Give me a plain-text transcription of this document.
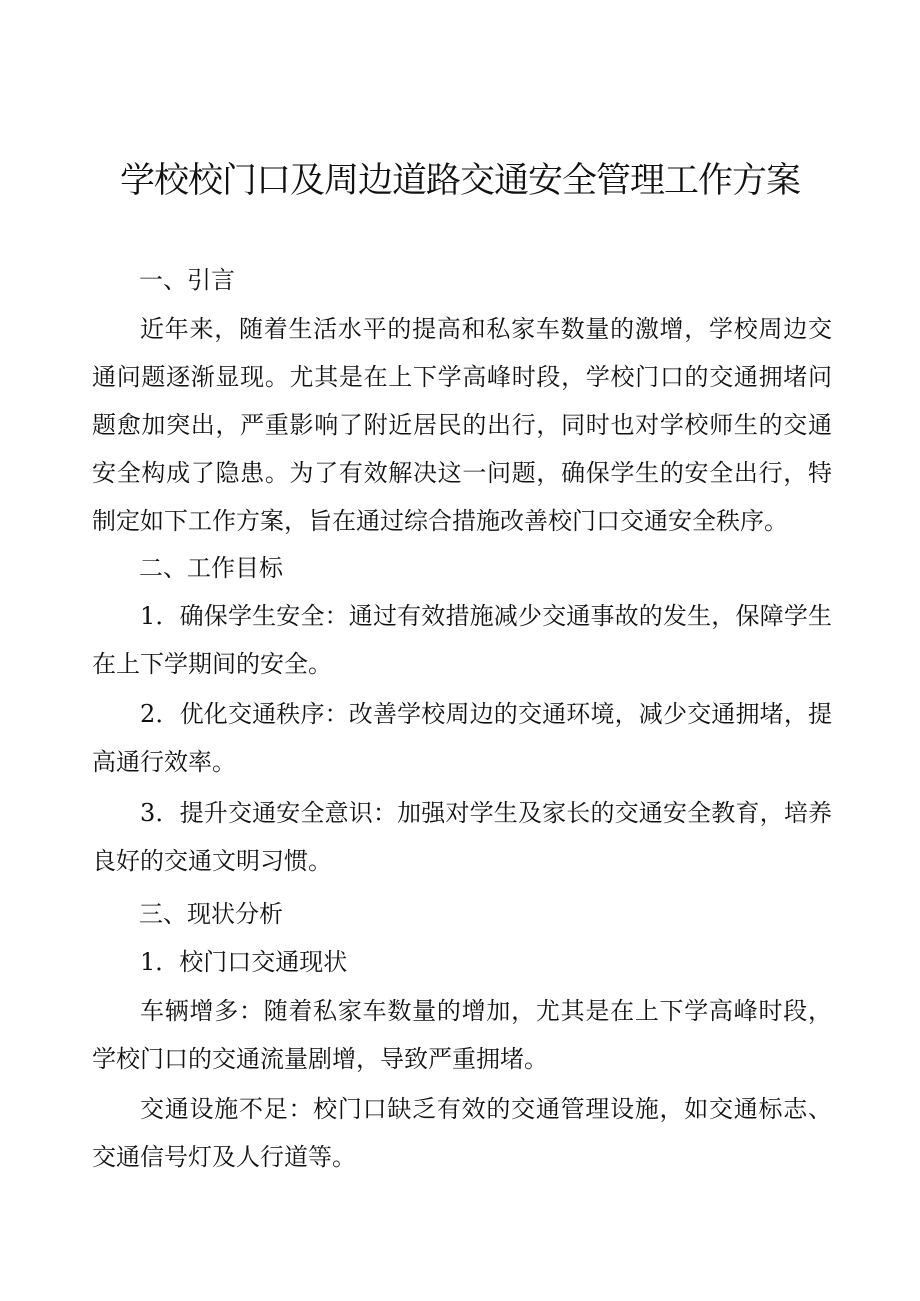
学校校门口及周边道路交通安全管理工作方案
一、引言

近年来，随着生活水平的提高和私家车数量的激增，学校周边交通问题逐渐显现。尤其是在上下学高峰时段，学校门口的交通拥堵问题愈加突出，严重影响了附近居民的出行，同时也对学校师生的交通安全构成了隐患。为了有效解决这一问题，确保学生的安全出行，特制定如下工作方案，旨在通过综合措施改善校门口交通安全秩序。

二、工作目标

1．确保学生安全：通过有效措施减少交通事故的发生，保障学生在上下学期间的安全。

2．优化交通秩序：改善学校周边的交通环境，减少交通拥堵，提高通行效率。

3．提升交通安全意识：加强对学生及家长的交通安全教育，培养良好的交通文明习惯。

三、现状分析
1．校门口交通现状

车辆增多：随着私家车数量的增加，尤其是在上下学高峰时段，学校门口的交通流量剧增，导致严重拥堵。

交通设施不足：校门口缺乏有效的交通管理设施，如交通标志、交通信号灯及人行道等。
